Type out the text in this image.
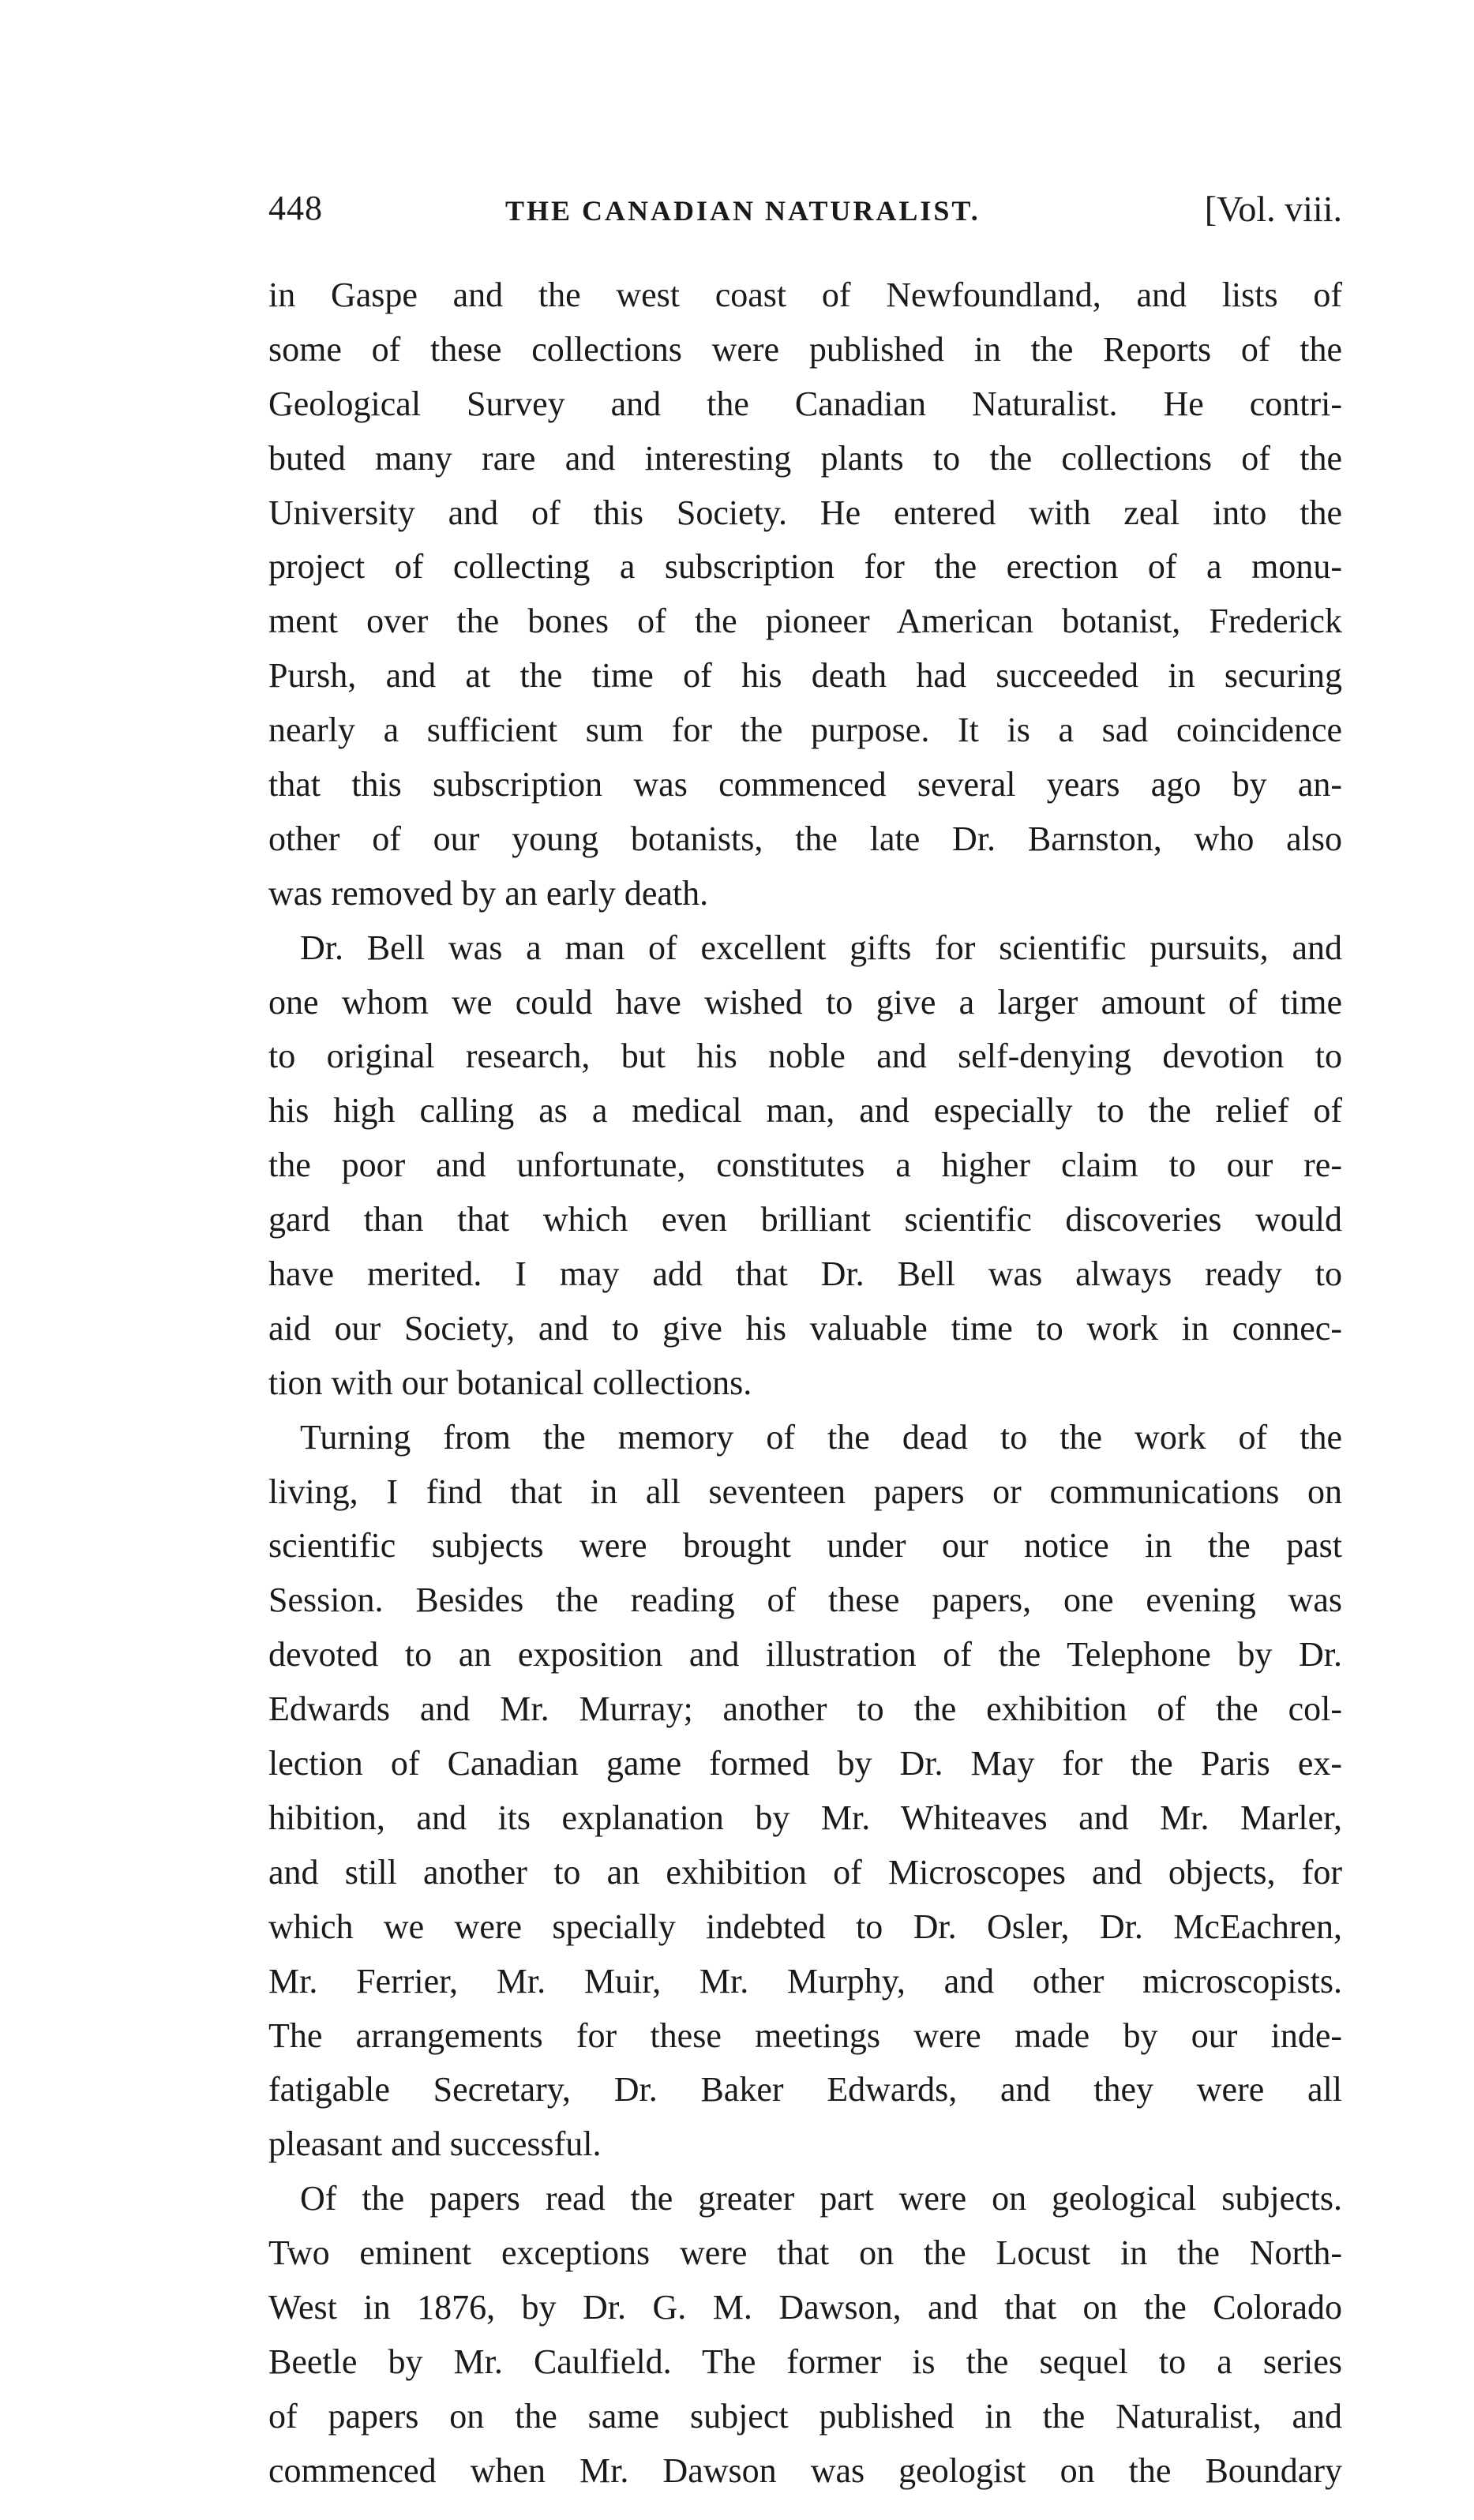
448	THE CANADIAN NATURALIST.	[Vol. viii.
in Gaspe and the west coast of Newfoundland, and lists of
some of these collections were published in the Reports of the
Geological Survey and the Canadian Naturalist. He contri-
buted many rare and interesting plants to the collections of the
University and of this Society. He entered with zeal into the
project of collecting a subscription for the erection of a monu-
ment over the bones of the pioneer American botanist, Frederick
Pursh, and at the time of his death had succeeded in securing
nearly a sufficient sum for the purpose. It is a sad coincidence
that this subscription was commenced several years ago by an-
other of our young botanists, the late Dr. Barnston, who also
was removed by an early death.
Dr. Bell was a man of excellent gifts for scientific pursuits, and
one whom we could have wished to give a larger amount of time
to original research, but his noble and self-denying devotion to
his high calling as a medical man, and especially to the relief of
the poor and unfortunate, constitutes a higher claim to our re-
gard than that which even brilliant scientific discoveries would
have merited. I may add that Dr. Bell was always ready to
aid our Society, and to give his valuable time to work in connec-
tion with our botanical collections.
Turning from the memory of the dead to the work of the
living, I find that in all seventeen papers or communications on
scientific subjects were brought under our notice in the past
Session. Besides the reading of these papers, one evening was
devoted to an exposition and illustration of the Telephone by Dr.
Edwards and Mr. Murray; another to the exhibition of the col-
lection of Canadian game formed by Dr. May for the Paris ex-
hibition, and its explanation by Mr. Whiteaves and Mr. Marler,
and still another to an exhibition of Microscopes and objects, for
which we were specially indebted to Dr. Osler, Dr. McEachren,
Mr. Ferrier, Mr. Muir, Mr. Murphy, and other microscopists.
The arrangements for these meetings were made by our inde-
fatigable Secretary, Dr. Baker Edwards, and they were all
pleasant and successful.
Of the papers read the greater part were on geological subjects.
Two eminent exceptions were that on the Locust in the North-
West in 1876, by Dr. G. M. Dawson, and that on the Colorado
Beetle by Mr. Caulfield. The former is the sequel to a series
of papers on the same subject published in the Naturalist, and
commenced when Mr. Dawson was geologist on the Boundary
